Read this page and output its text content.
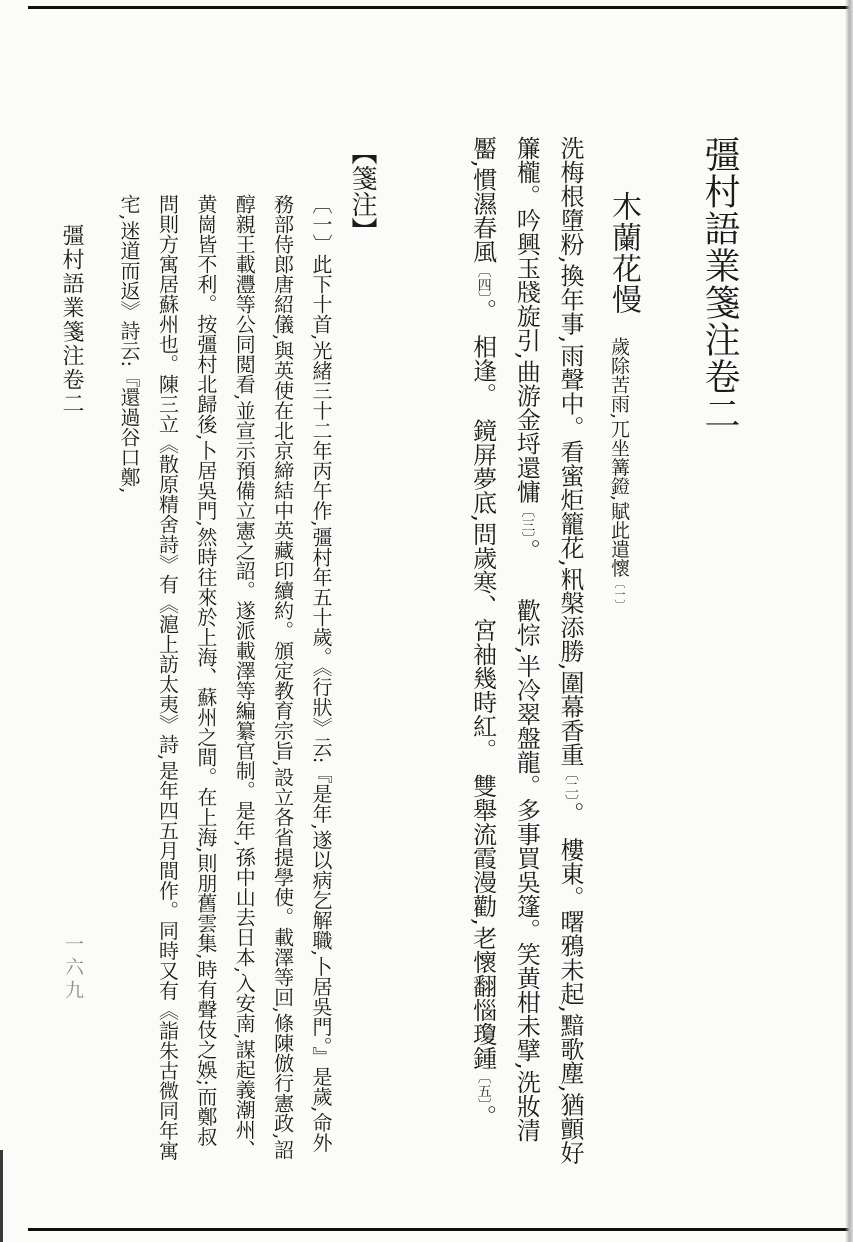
彊村語業箋注卷二
木蘭花慢
歲除苦雨,兀坐篝鐙,賦此遣懷〔一〕
洗梅根墮粉,換年事,雨聲中。看蜜炬籠花,籸槃添勝,圍幕香重〔二〕。　樓東。曙鴉未起,黯歌塵,猶顫好簾櫳。吟興玉牋旋引,曲游金埒還慵〔三〕。　　歡悰,半冷翠盤龍。多事買吳篷。笑黄柑未擘,洗妝清靨,慣濕春風〔四〕。　相逢。　鏡屏夢底,問歲寒、宮袖幾時紅。　雙舉流霞漫勸,老懷翻惱瓊鍾〔五〕。
【箋注】
〔一〕此下十首,光緒三十二年丙午作,彊村年五十歲。《行狀》云:『是年,遂以病乞解職,卜居吳門。』是歲,命外務部侍郎唐紹儀,與英使在北京締結中英藏印續約。頒定教育宗旨,設立各省提學使。載澤等回,條陳倣行憲政,詔醇親王載灃等公同閲看,並宣示預備立憲之詔。遂派載澤等編纂官制。是年,孫中山去日本,入安南,謀起義潮州、黄崗皆不利。按彊村北歸後,卜居吳門,然時往來於上海、蘇州之間。在上海,則朋舊雲集,時有聲伎之娛;而鄭叔問則方寓居蘇州也。陳三立《散原精舍詩》有《滬上訪太夷》詩,是年四五月間作。同時又有《詣朱古微同年寓宅,迷道而返》詩云:『還過谷口鄭,
彊村語業箋注卷二
一六九
